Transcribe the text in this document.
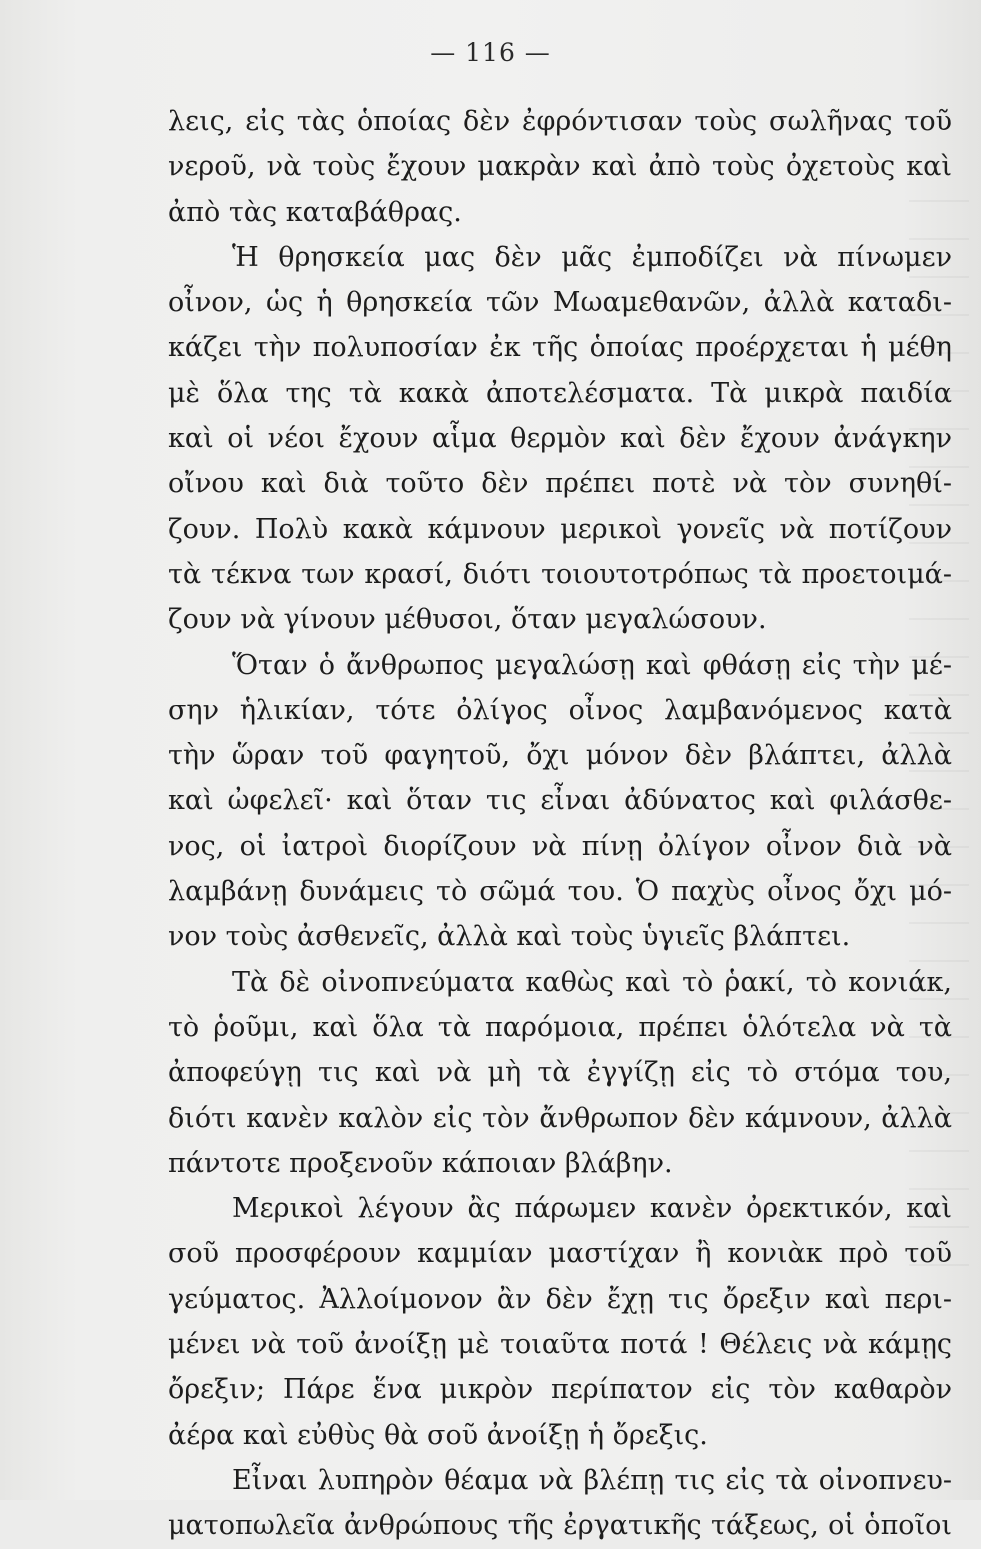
— 116 —
λεις, εἰς τὰς ὁποίας δὲν ἐφρόντισαν τοὺς σωλῆνας τοῦ
νεροῦ, νὰ τοὺς ἔχουν μακρὰν καὶ ἀπὸ τοὺς ὀχετοὺς καὶ
ἀπὸ τὰς καταβάθρας.
Ἡ θρησκεία μας δὲν μᾶς ἐμποδίζει νὰ πίνωμεν
οἶνον, ὡς ἡ θρησκεία τῶν Μωαμεθανῶν, ἀλλὰ καταδι-
κάζει τὴν πολυποσίαν ἐκ τῆς ὁποίας προέρχεται ἡ μέθη
μὲ ὅλα της τὰ κακὰ ἀποτελέσματα. Τὰ μικρὰ παιδία
καὶ οἱ νέοι ἔχουν αἷμα θερμὸν καὶ δὲν ἔχουν ἀνάγκην
οἴνου καὶ διὰ τοῦτο δὲν πρέπει ποτὲ νὰ τὸν συνηθί-
ζουν. Πολὺ κακὰ κάμνουν μερικοὶ γονεῖς νὰ ποτίζουν
τὰ τέκνα των κρασί, διότι τοιουτοτρόπως τὰ προετοιμά-
ζουν νὰ γίνουν μέθυσοι, ὅταν μεγαλώσουν.
Ὅταν ὁ ἄνθρωπος μεγαλώσῃ καὶ φθάσῃ εἰς τὴν μέ-
σην ἡλικίαν, τότε ὀλίγος οἶνος λαμβανόμενος κατὰ
τὴν ὥραν τοῦ φαγητοῦ, ὄχι μόνον δὲν βλάπτει, ἀλλὰ
καὶ ὠφελεῖ· καὶ ὅταν τις εἶναι ἀδύνατος καὶ φιλάσθε-
νος, οἱ ἰατροὶ διορίζουν νὰ πίνῃ ὀλίγον οἶνον διὰ νὰ
λαμβάνῃ δυνάμεις τὸ σῶμά του. Ὁ παχὺς οἶνος ὄχι μό-
νον τοὺς ἀσθενεῖς, ἀλλὰ καὶ τοὺς ὑγιεῖς βλάπτει.
Τὰ δὲ οἰνοπνεύματα καθὼς καὶ τὸ ῥακί, τὸ κονιάκ,
τὸ ῥοῦμι, καὶ ὅλα τὰ παρόμοια, πρέπει ὁλότελα νὰ τὰ
ἀποφεύγῃ τις καὶ νὰ μὴ τὰ ἐγγίζῃ εἰς τὸ στόμα του,
διότι κανὲν καλὸν εἰς τὸν ἄνθρωπον δὲν κάμνουν, ἀλλὰ
πάντοτε προξενοῦν κάποιαν βλάβην.
Μερικοὶ λέγουν ἂς πάρωμεν κανὲν ὀρεκτικόν, καὶ
σοῦ προσφέρουν καμμίαν μαστίχαν ἢ κονιὰκ πρὸ τοῦ
γεύματος. Ἀλλοίμονον ἂν δὲν ἔχῃ τις ὄρεξιν καὶ περι-
μένει νὰ τοῦ ἀνοίξῃ μὲ τοιαῦτα ποτά ! Θέλεις νὰ κάμῃς
ὄρεξιν; Πάρε ἕνα μικρὸν περίπατον εἰς τὸν καθαρὸν
ἀέρα καὶ εὐθὺς θὰ σοῦ ἀνοίξῃ ἡ ὄρεξις.
Εἶναι λυπηρὸν θέαμα νὰ βλέπῃ τις εἰς τὰ οἰνοπνευ-
ματοπωλεῖα ἀνθρώπους τῆς ἐργατικῆς τάξεως, οἱ ὁποῖοι
